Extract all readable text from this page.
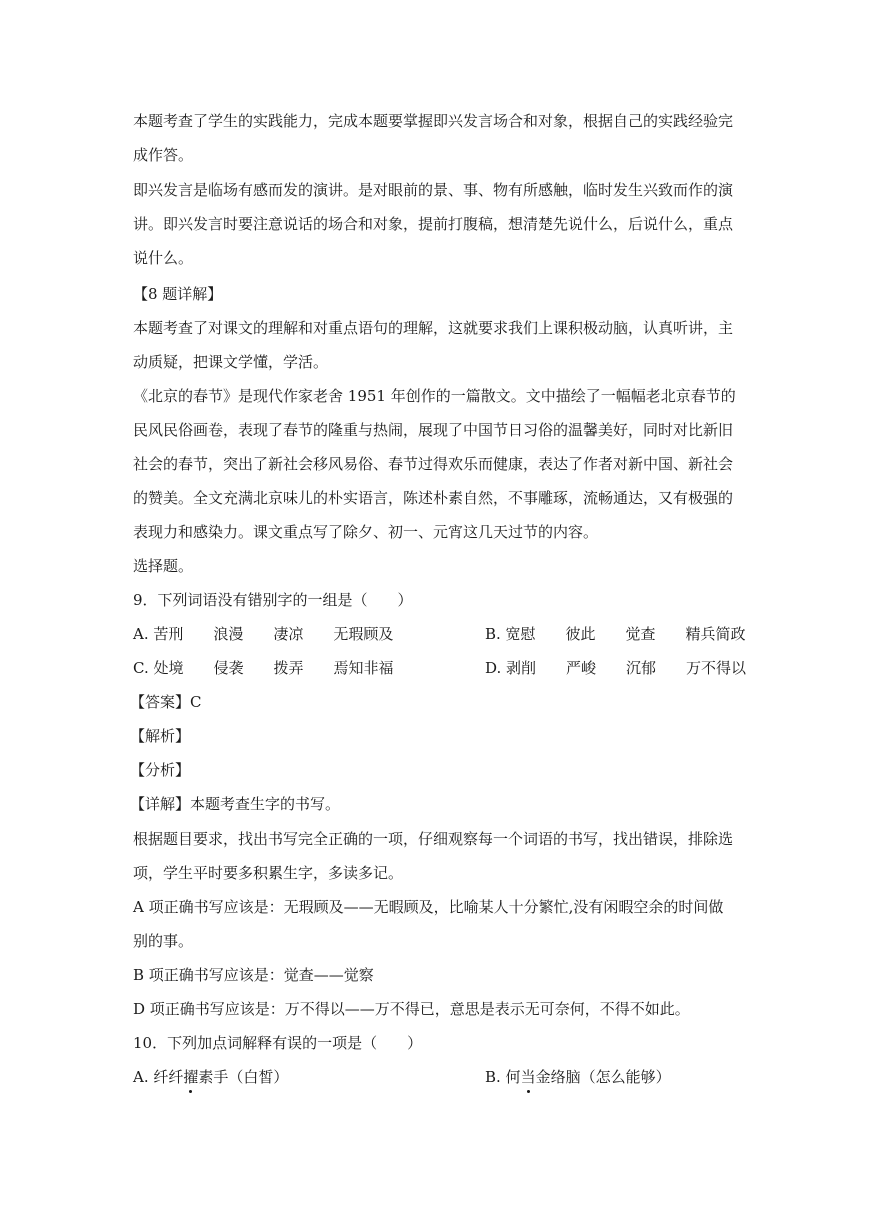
本题考查了学生的实践能力，完成本题要掌握即兴发言场合和对象，根据自己的实践经验完
成作答。
即兴发言是临场有感而发的演讲。是对眼前的景、事、物有所感触，临时发生兴致而作的演
讲。即兴发言时要注意说话的场合和对象，提前打腹稿，想清楚先说什么，后说什么，重点
说什么。
【8 题详解】
本题考查了对课文的理解和对重点语句的理解，这就要求我们上课积极动脑，认真听讲，主
动质疑，把课文学懂，学活。
《北京的春节》是现代作家老舍 1951 年创作的一篇散文。文中描绘了一幅幅老北京春节的
民风民俗画卷，表现了春节的隆重与热闹，展现了中国节日习俗的温馨美好，同时对比新旧
社会的春节，突出了新社会移风易俗、春节过得欢乐而健康，表达了作者对新中国、新社会
的赞美。全文充满北京味儿的朴实语言，陈述朴素自然，不事雕琢，流畅通达，又有极强的
表现力和感染力。课文重点写了除夕、初一、元宵这几天过节的内容。
选择题。
9．下列词语没有错别字的一组是（　　）
A. 苦刑　　浪漫　　凄凉　　无瑕顾及	B. 宽慰　　彼此　　觉查　　精兵简政
C. 处境　　侵袭　　拨弄　　焉知非福	D. 剥削　　严峻　　沉郁　　万不得以
【答案】C
【解析】
【分析】
【详解】本题考查生字的书写。
根据题目要求，找出书写完全正确的一项，仔细观察每一个词语的书写，找出错误，排除选
项，学生平时要多积累生字，多读多记。
A 项正确书写应该是：无瑕顾及——无暇顾及，比喻某人十分繁忙,没有闲暇空余的时间做
别的事。
B 项正确书写应该是：觉查——觉察
D 项正确书写应该是：万不得以——万不得已，意思是表示无可奈何，不得不如此。
10．下列加点词解释有误的一项是（　　）
A. 纤纤擢素手（白皙）	B. 何当金络脑（怎么能够）
